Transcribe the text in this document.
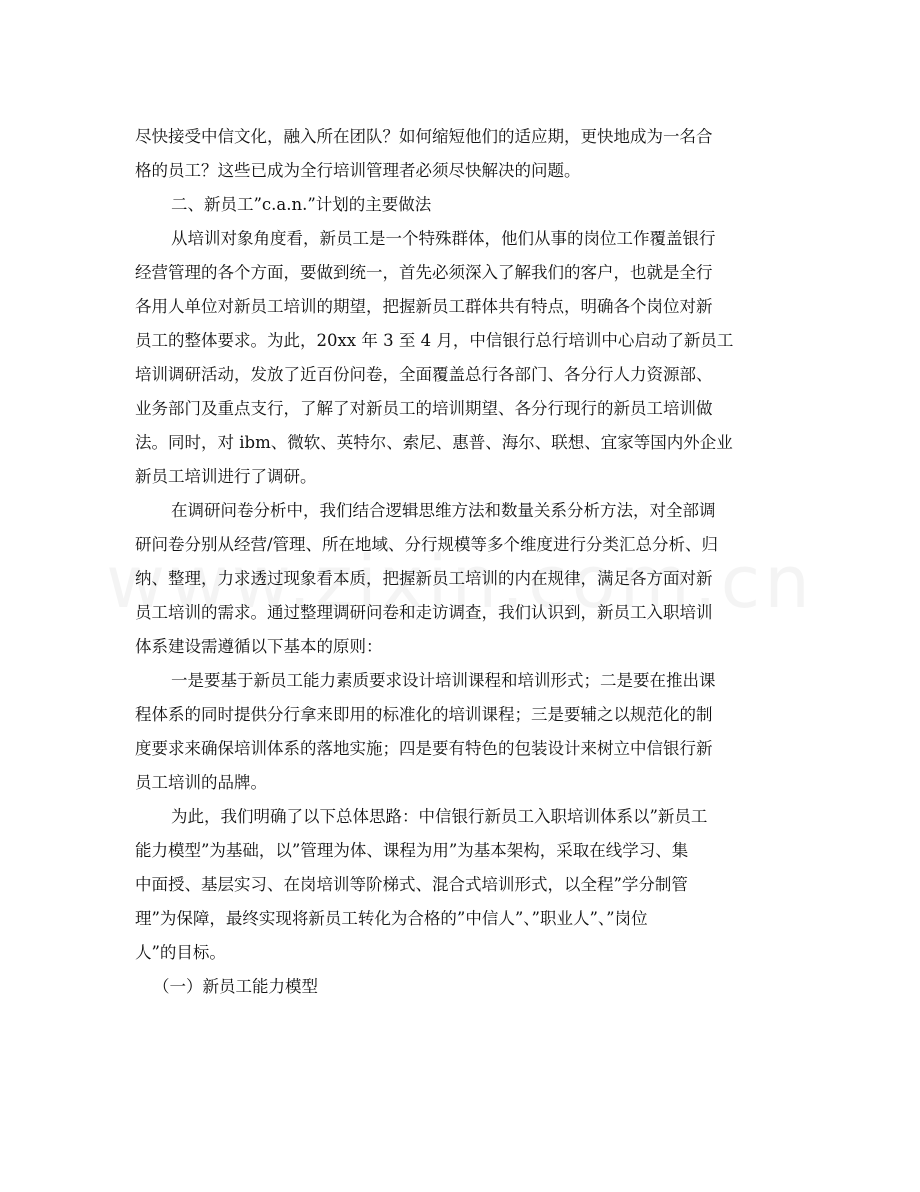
尽快接受中信文化，融入所在团队？如何缩短他们的适应期，更快地成为一名合
格的员工？这些已成为全行培训管理者必须尽快解决的问题。
二、新员工”c.a.n.”计划的主要做法
从培训对象角度看，新员工是一个特殊群体，他们从事的岗位工作覆盖银行
经营管理的各个方面，要做到统一，首先必须深入了解我们的客户，也就是全行
各用人单位对新员工培训的期望，把握新员工群体共有特点，明确各个岗位对新
员工的整体要求。为此，20xx 年 3 至 4 月，中信银行总行培训中心启动了新员工
培训调研活动，发放了近百份问卷，全面覆盖总行各部门、各分行人力资源部、
业务部门及重点支行，了解了对新员工的培训期望、各分行现行的新员工培训做
法。同时，对 ibm、微软、英特尔、索尼、惠普、海尔、联想、宜家等国内外企业
新员工培训进行了调研。
在调研问卷分析中，我们结合逻辑思维方法和数量关系分析方法，对全部调
研问卷分别从经营/管理、所在地域、分行规模等多个维度进行分类汇总分析、归
纳、整理，力求透过现象看本质，把握新员工培训的内在规律，满足各方面对新
员工培训的需求。通过整理调研问卷和走访调查，我们认识到，新员工入职培训
体系建设需遵循以下基本的原则：
一是要基于新员工能力素质要求设计培训课程和培训形式；二是要在推出课
程体系的同时提供分行拿来即用的标准化的培训课程；三是要辅之以规范化的制
度要求来确保培训体系的落地实施；四是要有特色的包装设计来树立中信银行新
员工培训的品牌。
为此，我们明确了以下总体思路：中信银行新员工入职培训体系以”新员工
能力模型”为基础，以”管理为体、课程为用”为基本架构，采取在线学习、集
中面授、基层实习、在岗培训等阶梯式、混合式培训形式，以全程”学分制管
理”为保障，最终实现将新员工转化为合格的”中信人”、”职业人”、”岗位
人”的目标。
（一）新员工能力模型
